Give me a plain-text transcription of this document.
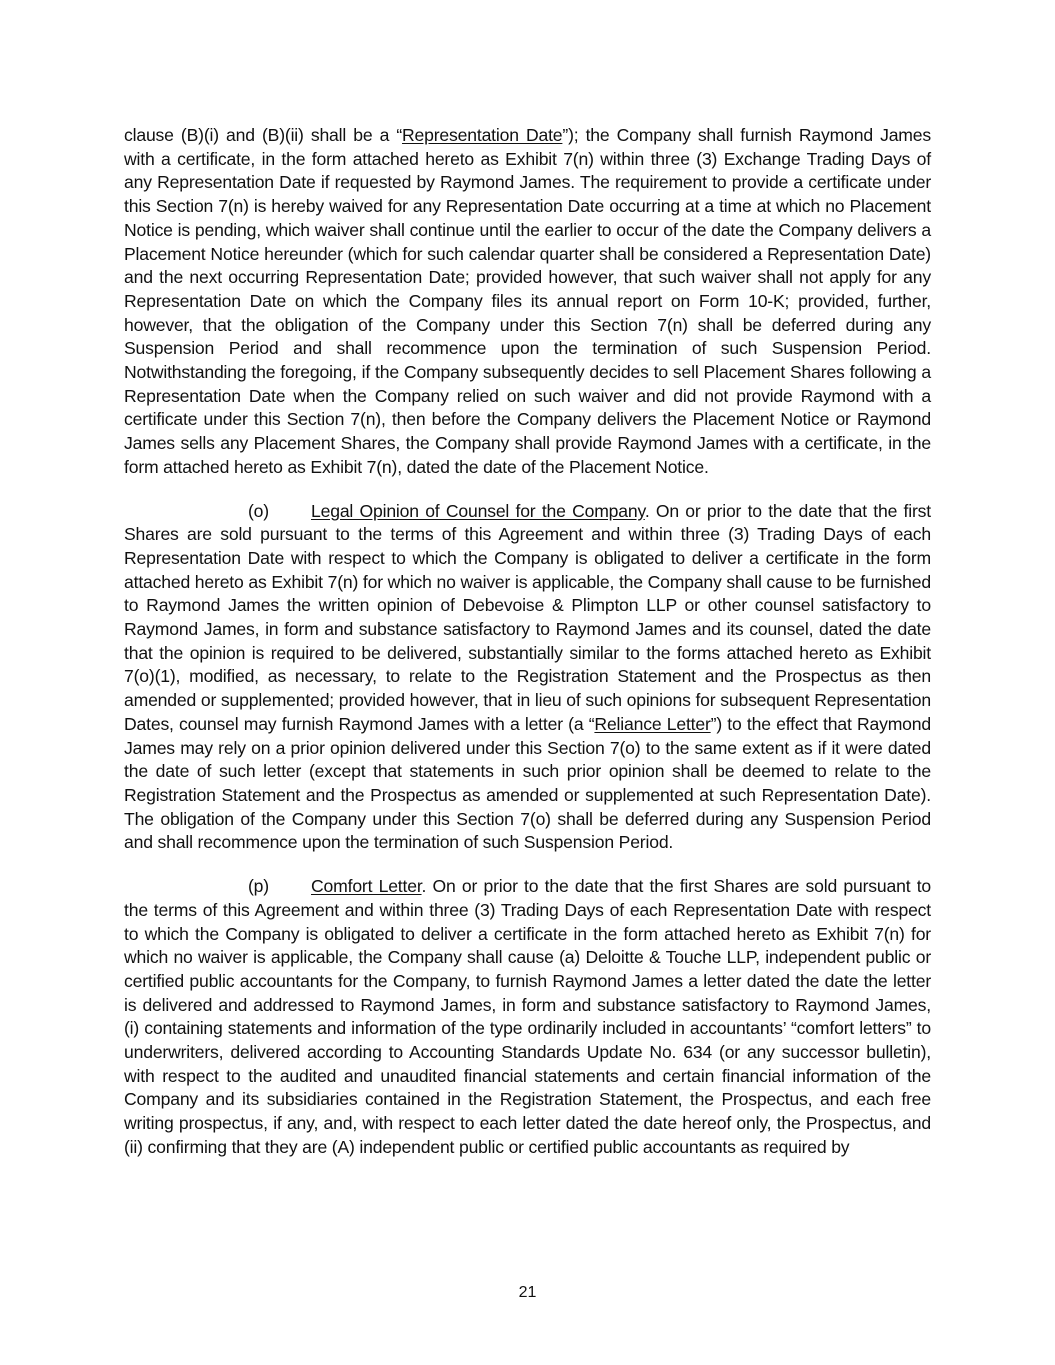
clause (B)(i) and (B)(ii) shall be a “Representation Date”); the Company shall furnish Raymond James with a certificate, in the form attached hereto as Exhibit 7(n) within three (3) Exchange Trading Days of any Representation Date if requested by Raymond James. The requirement to provide a certificate under this Section 7(n) is hereby waived for any Representation Date occurring at a time at which no Placement Notice is pending, which waiver shall continue until the earlier to occur of the date the Company delivers a Placement Notice hereunder (which for such calendar quarter shall be considered a Representation Date) and the next occurring Representation Date; provided however, that such waiver shall not apply for any Representation Date on which the Company files its annual report on Form 10-K; provided, further, however, that the obligation of the Company under this Section 7(n) shall be deferred during any Suspension Period and shall recommence upon the termination of such Suspension Period. Notwithstanding the foregoing, if the Company subsequently decides to sell Placement Shares following a Representation Date when the Company relied on such waiver and did not provide Raymond with a certificate under this Section 7(n), then before the Company delivers the Placement Notice or Raymond James sells any Placement Shares, the Company shall provide Raymond James with a certificate, in the form attached hereto as Exhibit 7(n), dated the date of the Placement Notice.

(o) Legal Opinion of Counsel for the Company. On or prior to the date that the first Shares are sold pursuant to the terms of this Agreement and within three (3) Trading Days of each Representation Date with respect to which the Company is obligated to deliver a certificate in the form attached hereto as Exhibit 7(n) for which no waiver is applicable, the Company shall cause to be furnished to Raymond James the written opinion of Debevoise & Plimpton LLP or other counsel satisfactory to Raymond James, in form and substance satisfactory to Raymond James and its counsel, dated the date that the opinion is required to be delivered, substantially similar to the forms attached hereto as Exhibit 7(o)(1), modified, as necessary, to relate to the Registration Statement and the Prospectus as then amended or supplemented; provided however, that in lieu of such opinions for subsequent Representation Dates, counsel may furnish Raymond James with a letter (a “Reliance Letter”) to the effect that Raymond James may rely on a prior opinion delivered under this Section 7(o) to the same extent as if it were dated the date of such letter (except that statements in such prior opinion shall be deemed to relate to the Registration Statement and the Prospectus as amended or supplemented at such Representation Date). The obligation of the Company under this Section 7(o) shall be deferred during any Suspension Period and shall recommence upon the termination of such Suspension Period.

(p) Comfort Letter. On or prior to the date that the first Shares are sold pursuant to the terms of this Agreement and within three (3) Trading Days of each Representation Date with respect to which the Company is obligated to deliver a certificate in the form attached hereto as Exhibit 7(n) for which no waiver is applicable, the Company shall cause (a) Deloitte & Touche LLP, independent public or certified public accountants for the Company, to furnish Raymond James a letter dated the date the letter is delivered and addressed to Raymond James, in form and substance satisfactory to Raymond James, (i) containing statements and information of the type ordinarily included in accountants’ “comfort letters” to underwriters, delivered according to Accounting Standards Update No. 634 (or any successor bulletin), with respect to the audited and unaudited financial statements and certain financial information of the Company and its subsidiaries contained in the Registration Statement, the Prospectus, and each free writing prospectus, if any, and, with respect to each letter dated the date hereof only, the Prospectus, and (ii) confirming that they are (A) independent public or certified public accountants as required by

21
